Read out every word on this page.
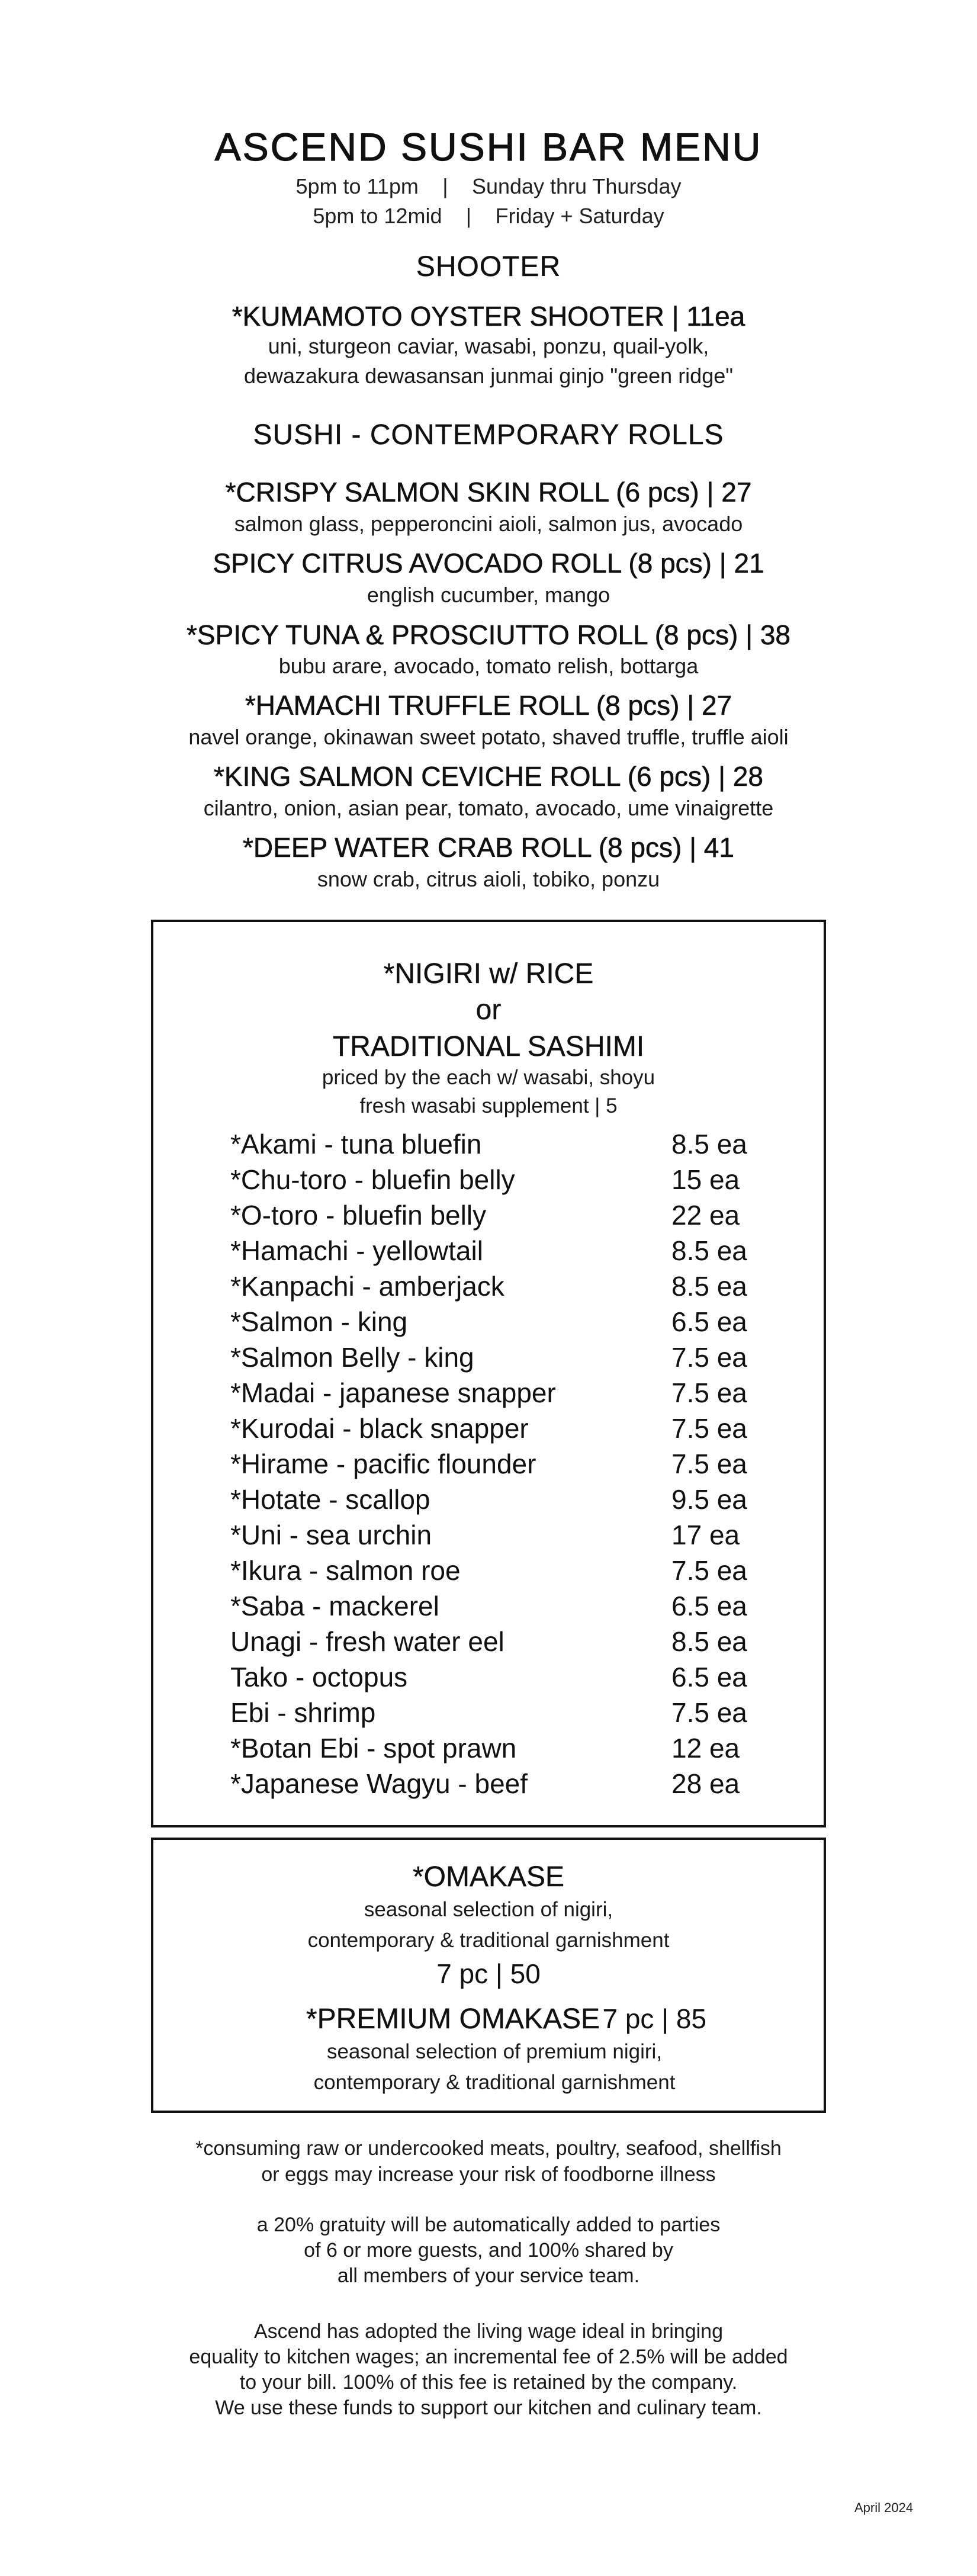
ASCEND SUSHI BAR MENU
5pm to 11pm | Sunday thru Thursday
5pm to 12mid | Friday + Saturday
SHOOTER
*KUMAMOTO OYSTER SHOOTER | 11ea
uni, sturgeon caviar, wasabi, ponzu, quail-yolk,
dewazakura dewasansan junmai ginjo "green ridge"
SUSHI - CONTEMPORARY ROLLS
*CRISPY SALMON SKIN ROLL (6 pcs) | 27
salmon glass, pepperoncini aioli, salmon jus, avocado
SPICY CITRUS AVOCADO ROLL (8 pcs) | 21
english cucumber, mango
*SPICY TUNA & PROSCIUTTO ROLL (8 pcs) | 38
bubu arare, avocado, tomato relish, bottarga
*HAMACHI TRUFFLE ROLL (8 pcs) | 27
navel orange, okinawan sweet potato, shaved truffle, truffle aioli
*KING SALMON CEVICHE ROLL (6 pcs) | 28
cilantro, onion, asian pear, tomato, avocado, ume vinaigrette
*DEEP WATER CRAB ROLL (8 pcs) | 41
snow crab, citrus aioli, tobiko, ponzu
*NIGIRI w/ RICE
or
TRADITIONAL SASHIMI
priced by the each w/ wasabi, shoyu
fresh wasabi supplement | 5
*Akami - tuna bluefin	8.5 ea
*Chu-toro - bluefin belly	15 ea
*O-toro - bluefin belly	22 ea
*Hamachi - yellowtail	8.5 ea
*Kanpachi - amberjack	8.5 ea
*Salmon - king	6.5 ea
*Salmon Belly - king	7.5 ea
*Madai - japanese snapper	7.5 ea
*Kurodai - black snapper	7.5 ea
*Hirame - pacific flounder	7.5 ea
*Hotate - scallop	9.5 ea
*Uni - sea urchin	17 ea
*Ikura - salmon roe	7.5 ea
*Saba - mackerel	6.5 ea
Unagi - fresh water eel	8.5 ea
Tako - octopus	6.5 ea
Ebi - shrimp	7.5 ea
*Botan Ebi - spot prawn	12 ea
*Japanese Wagyu - beef	28 ea
*OMAKASE
seasonal selection of nigiri,
contemporary & traditional garnishment
7 pc | 50
*PREMIUM OMAKASE 7 pc | 85
seasonal selection of premium nigiri,
contemporary & traditional garnishment
*consuming raw or undercooked meats, poultry, seafood, shellfish
or eggs may increase your risk of foodborne illness
a 20% gratuity will be automatically added to parties
of 6 or more guests, and 100% shared by
all members of your service team.
Ascend has adopted the living wage ideal in bringing
equality to kitchen wages; an incremental fee of 2.5% will be added
to your bill. 100% of this fee is retained by the company.
We use these funds to support our kitchen and culinary team.
April 2024
